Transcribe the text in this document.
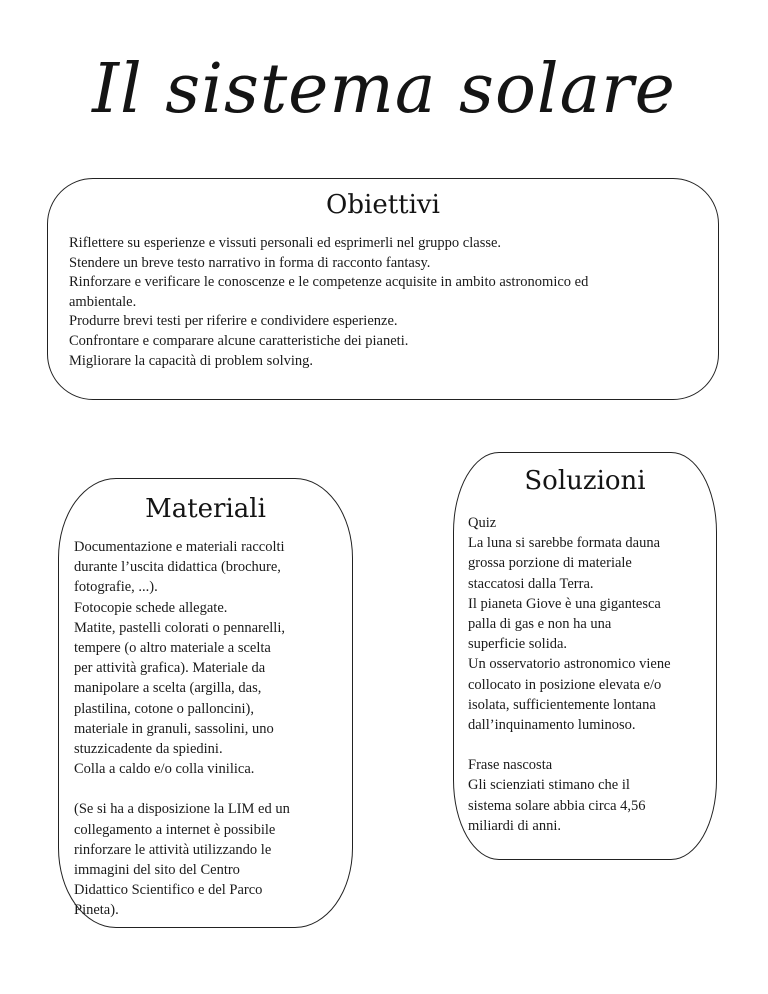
Il sistema solare
Obiettivi
Riflettere su esperienze e vissuti personali ed esprimerli nel gruppo classe.
Stendere un breve testo narrativo in forma di racconto fantasy.
Rinforzare e verificare le conoscenze e le competenze acquisite in ambito astronomico ed
ambientale.
Produrre brevi testi per riferire e condividere esperienze.
Confrontare e comparare alcune caratteristiche dei pianeti.
Migliorare la capacità di problem solving.
Materiali
Documentazione e materiali raccolti
durante l’uscita didattica (brochure,
fotografie, ...).
Fotocopie schede allegate.
Matite, pastelli colorati o pennarelli,
tempere (o altro materiale a scelta
per attività grafica). Materiale da
manipolare a scelta (argilla, das,
plastilina, cotone o palloncini),
materiale in granuli, sassolini, uno
stuzzicadente da spiedini.
Colla a caldo e/o colla vinilica.
(Se si ha a disposizione la LIM ed un
collegamento a internet è possibile
rinforzare le attività utilizzando le
immagini del sito del Centro
Didattico Scientifico e del Parco
Pineta).
Soluzioni
Quiz
La luna si sarebbe formata dauna
grossa porzione di materiale
staccatosi dalla Terra.
Il pianeta Giove è una gigantesca
palla di gas e non ha una
superficie solida.
Un osservatorio astronomico viene
collocato in posizione elevata e/o
isolata, sufficientemente lontana
dall’inquinamento luminoso.
Frase nascosta
Gli scienziati stimano che il
sistema solare abbia circa 4,56
miliardi di anni.
